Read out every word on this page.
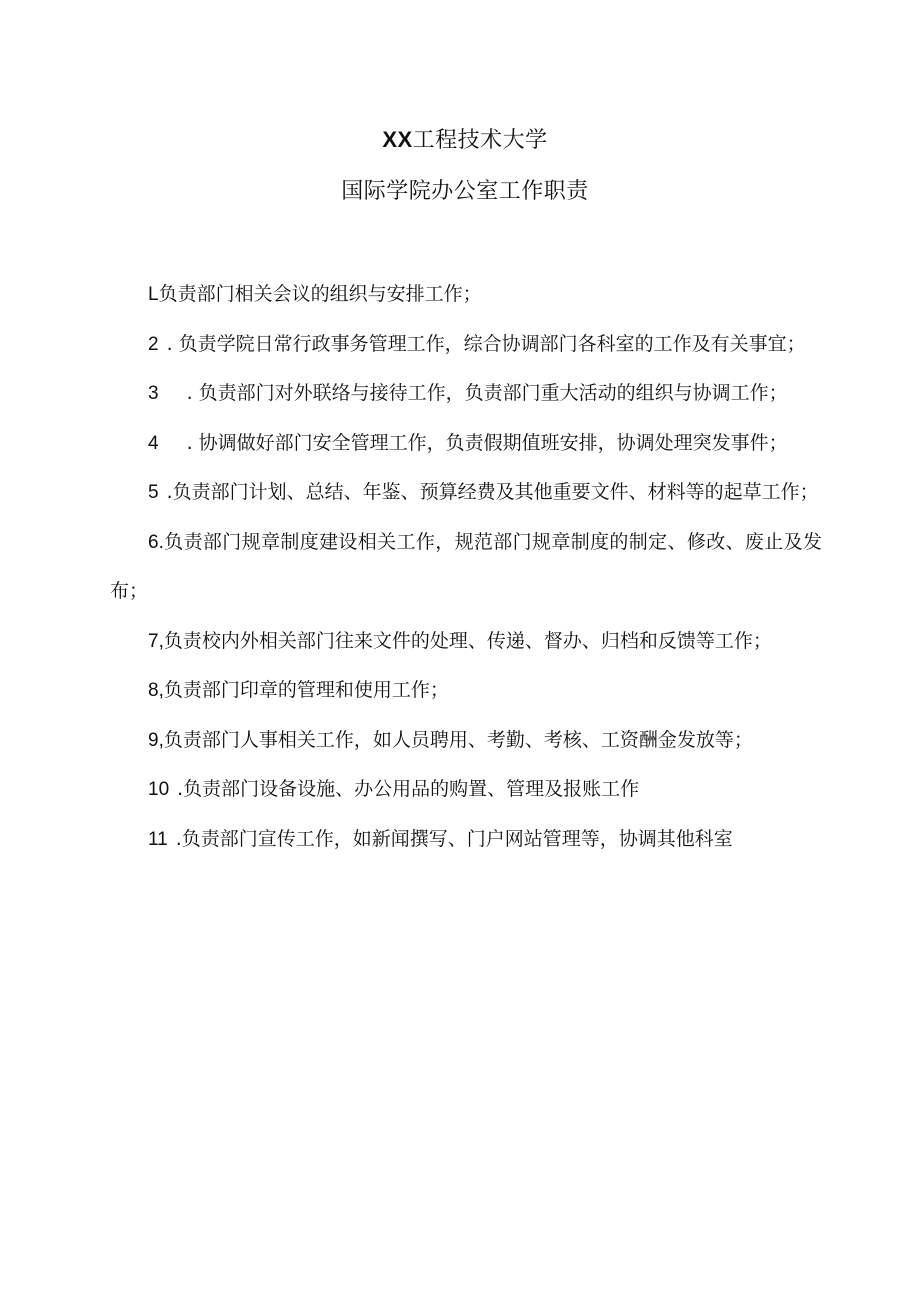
XX工程技术大学
国际学院办公室工作职责

L负责部门相关会议的组织与安排工作；

2 . 负责学院日常行政事务管理工作，综合协调部门各科室的工作及有关事宜；

3 . 负责部门对外联络与接待工作，负责部门重大活动的组织与协调工作；

4 . 协调做好部门安全管理工作，负责假期值班安排，协调处理突发事件；

5 .负责部门计划、总结、年鉴、预算经费及其他重要文件、材料等的起草工作；

6.负责部门规章制度建设相关工作，规范部门规章制度的制定、修改、废止及发布；

7,负责校内外相关部门往来文件的处理、传递、督办、归档和反馈等工作；

8,负责部门印章的管理和使用工作；

9,负责部门人事相关工作，如人员聘用、考勤、考核、工资酬金发放等；

10 .负责部门设备设施、办公用品的购置、管理及报账工作

11 .负责部门宣传工作，如新闻撰写、门户网站管理等，协调其他科室
